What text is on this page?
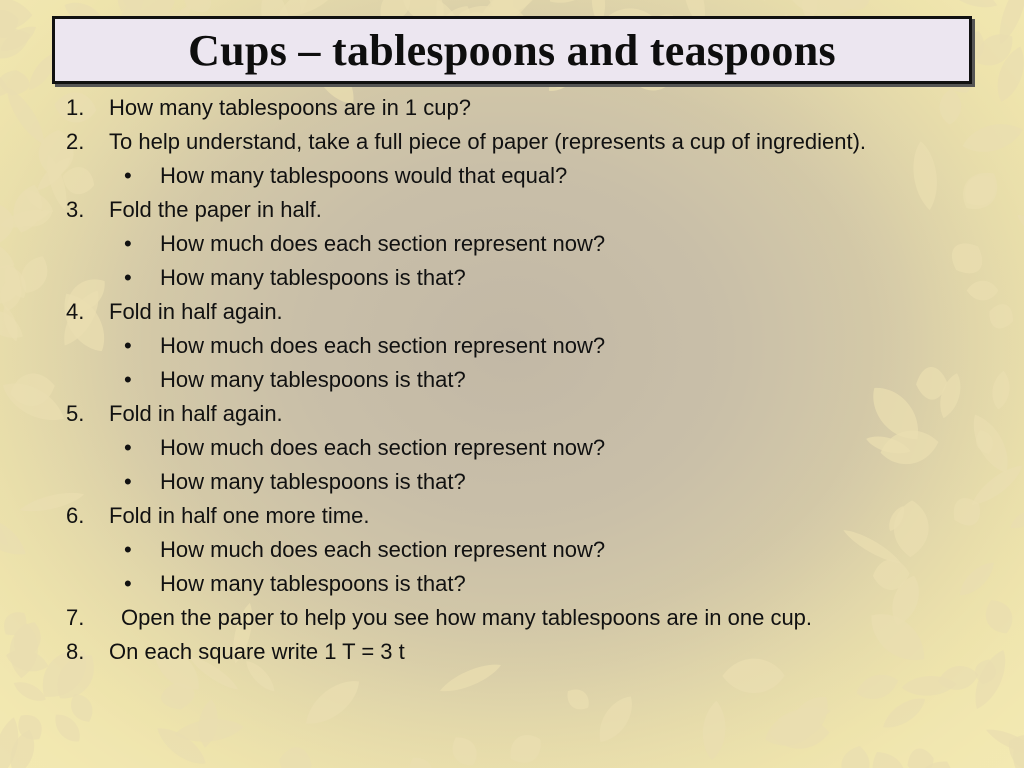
Cups – tablespoons and teaspoons
1.	How many tablespoons are in 1 cup?
2.	To help understand, take a full piece of paper (represents a cup of ingredient).
• How many tablespoons would that equal?
3.	Fold the paper in half.
• How much does each section represent now?
• How many tablespoons is that?
4.	Fold in half again.
• How much does each section represent now?
• How many tablespoons is that?
5.	Fold in half again.
• How much does each section represent now?
• How many tablespoons is that?
6.	Fold in half one more time.
• How much does each section represent now?
• How many tablespoons is that?
7.	Open the paper to help you see how many tablespoons are in one cup.
8.	On each square write 1 T = 3 t
